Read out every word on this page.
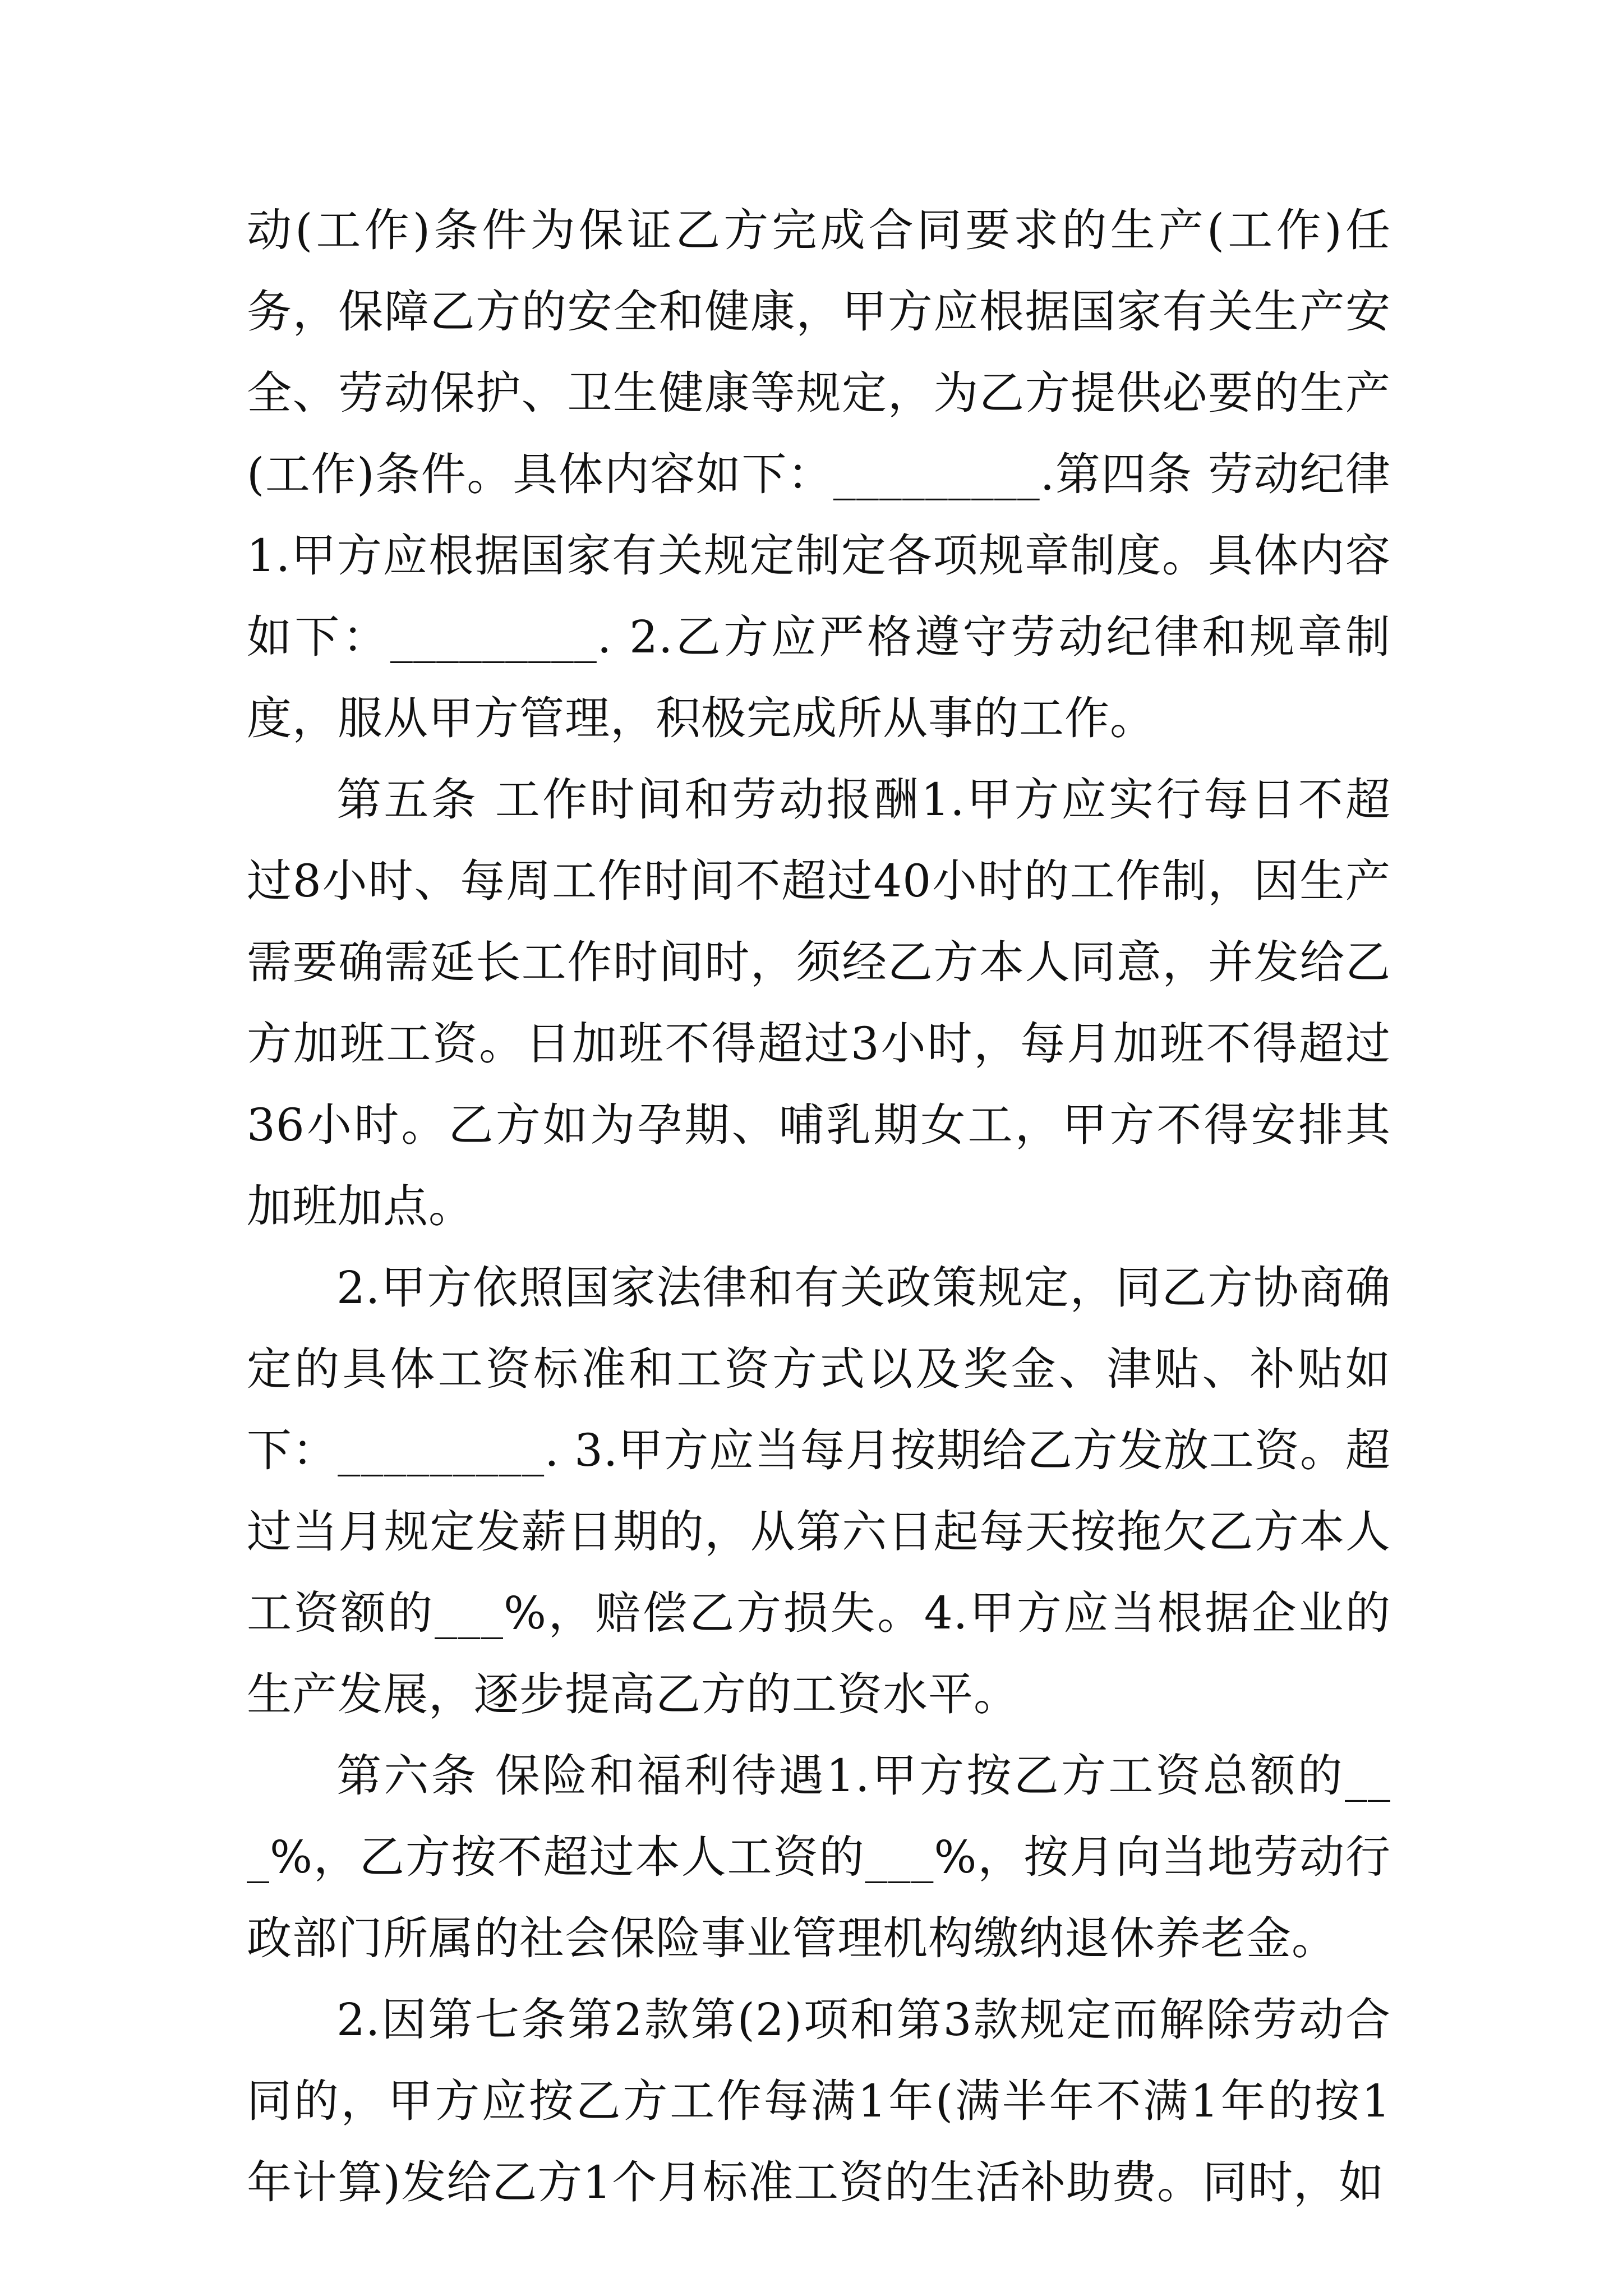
动(工作)条件为保证乙方完成合同要求的生产(工作)任务，保障乙方的安全和健康，甲方应根据国家有关生产安全、劳动保护、卫生健康等规定，为乙方提供必要的生产(工作)条件。具体内容如下：_________.第四条 劳动纪律1.甲方应根据国家有关规定制定各项规章制度。具体内容如下：_________. 2.乙方应严格遵守劳动纪律和规章制度，服从甲方管理，积极完成所从事的工作。

第五条 工作时间和劳动报酬1.甲方应实行每日不超过8小时、每周工作时间不超过40小时的工作制，因生产需要确需延长工作时间时，须经乙方本人同意，并发给乙方加班工资。日加班不得超过3小时，每月加班不得超过36小时。乙方如为孕期、哺乳期女工，甲方不得安排其加班加点。

2.甲方依照国家法律和有关政策规定，同乙方协商确定的具体工资标准和工资方式以及奖金、津贴、补贴如下：_________. 3.甲方应当每月按期给乙方发放工资。超过当月规定发薪日期的，从第六日起每天按拖欠乙方本人工资额的___%，赔偿乙方损失。4.甲方应当根据企业的生产发展，逐步提高乙方的工资水平。

第六条 保险和福利待遇1.甲方按乙方工资总额的___%，乙方按不超过本人工资的___%，按月向当地劳动行政部门所属的社会保险事业管理机构缴纳退休养老金。

2.因第七条第2款第(2)项和第3款规定而解除劳动合同的，甲方应按乙方工作每满1年(满半年不满1年的按1年计算)发给乙方1个月标准工资的生活补助费。同时，如
